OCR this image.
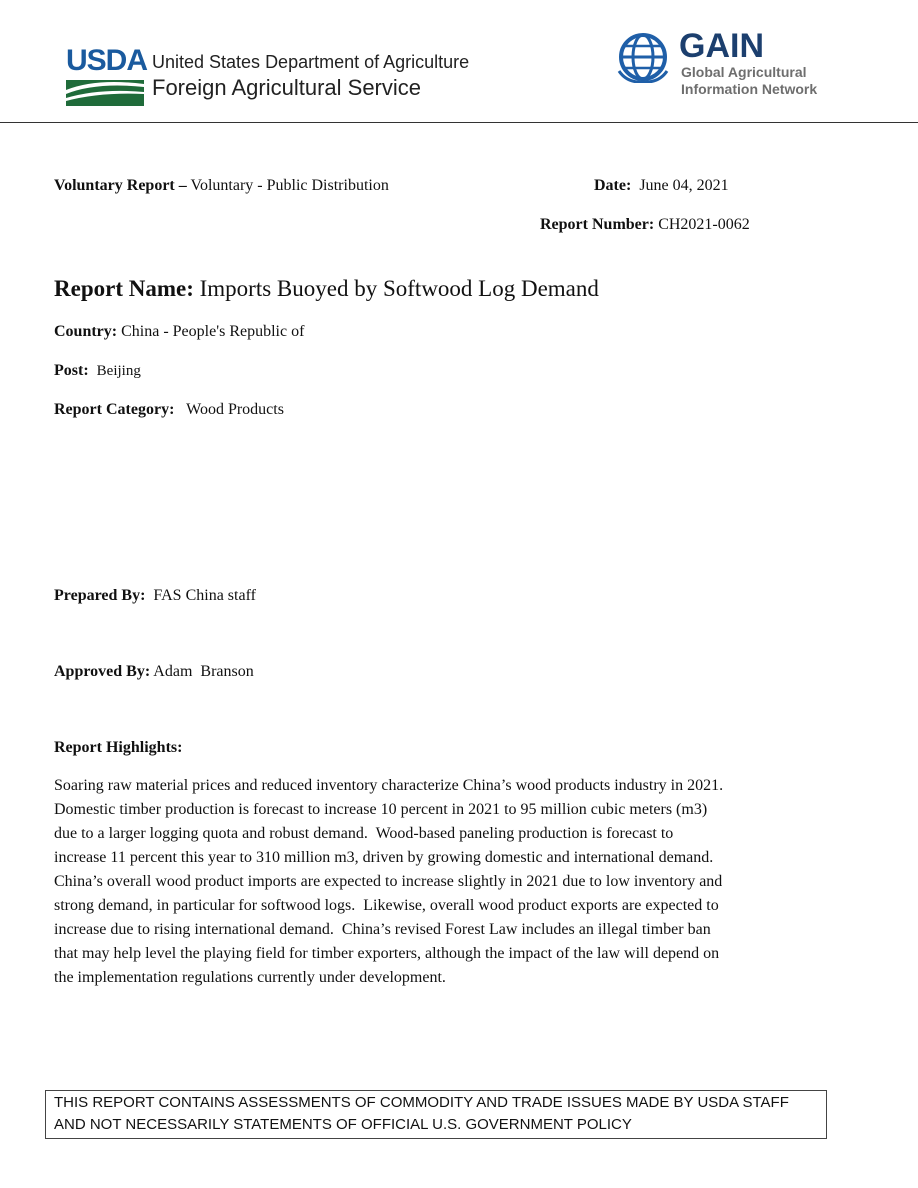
USDA United States Department of Agriculture
Foreign Agricultural Service
GAIN
Global Agricultural
Information Network
Voluntary Report – Voluntary - Public Distribution	Date: June 04, 2021
Report Number: CH2021-0062
Report Name: Imports Buoyed by Softwood Log Demand
Country: China - People's Republic of
Post: Beijing
Report Category: Wood Products
Prepared By: FAS China staff
Approved By: Adam  Branson
Report Highlights:
Soaring raw material prices and reduced inventory characterize China’s wood products industry in 2021.
Domestic timber production is forecast to increase 10 percent in 2021 to 95 million cubic meters (m3)
due to a larger logging quota and robust demand.  Wood-based paneling production is forecast to
increase 11 percent this year to 310 million m3, driven by growing domestic and international demand.
China’s overall wood product imports are expected to increase slightly in 2021 due to low inventory and
strong demand, in particular for softwood logs.  Likewise, overall wood product exports are expected to
increase due to rising international demand.  China’s revised Forest Law includes an illegal timber ban
that may help level the playing field for timber exporters, although the impact of the law will depend on
the implementation regulations currently under development.
THIS REPORT CONTAINS ASSESSMENTS OF COMMODITY AND TRADE ISSUES MADE BY USDA STAFF
AND NOT NECESSARILY STATEMENTS OF OFFICIAL U.S. GOVERNMENT POLICY
